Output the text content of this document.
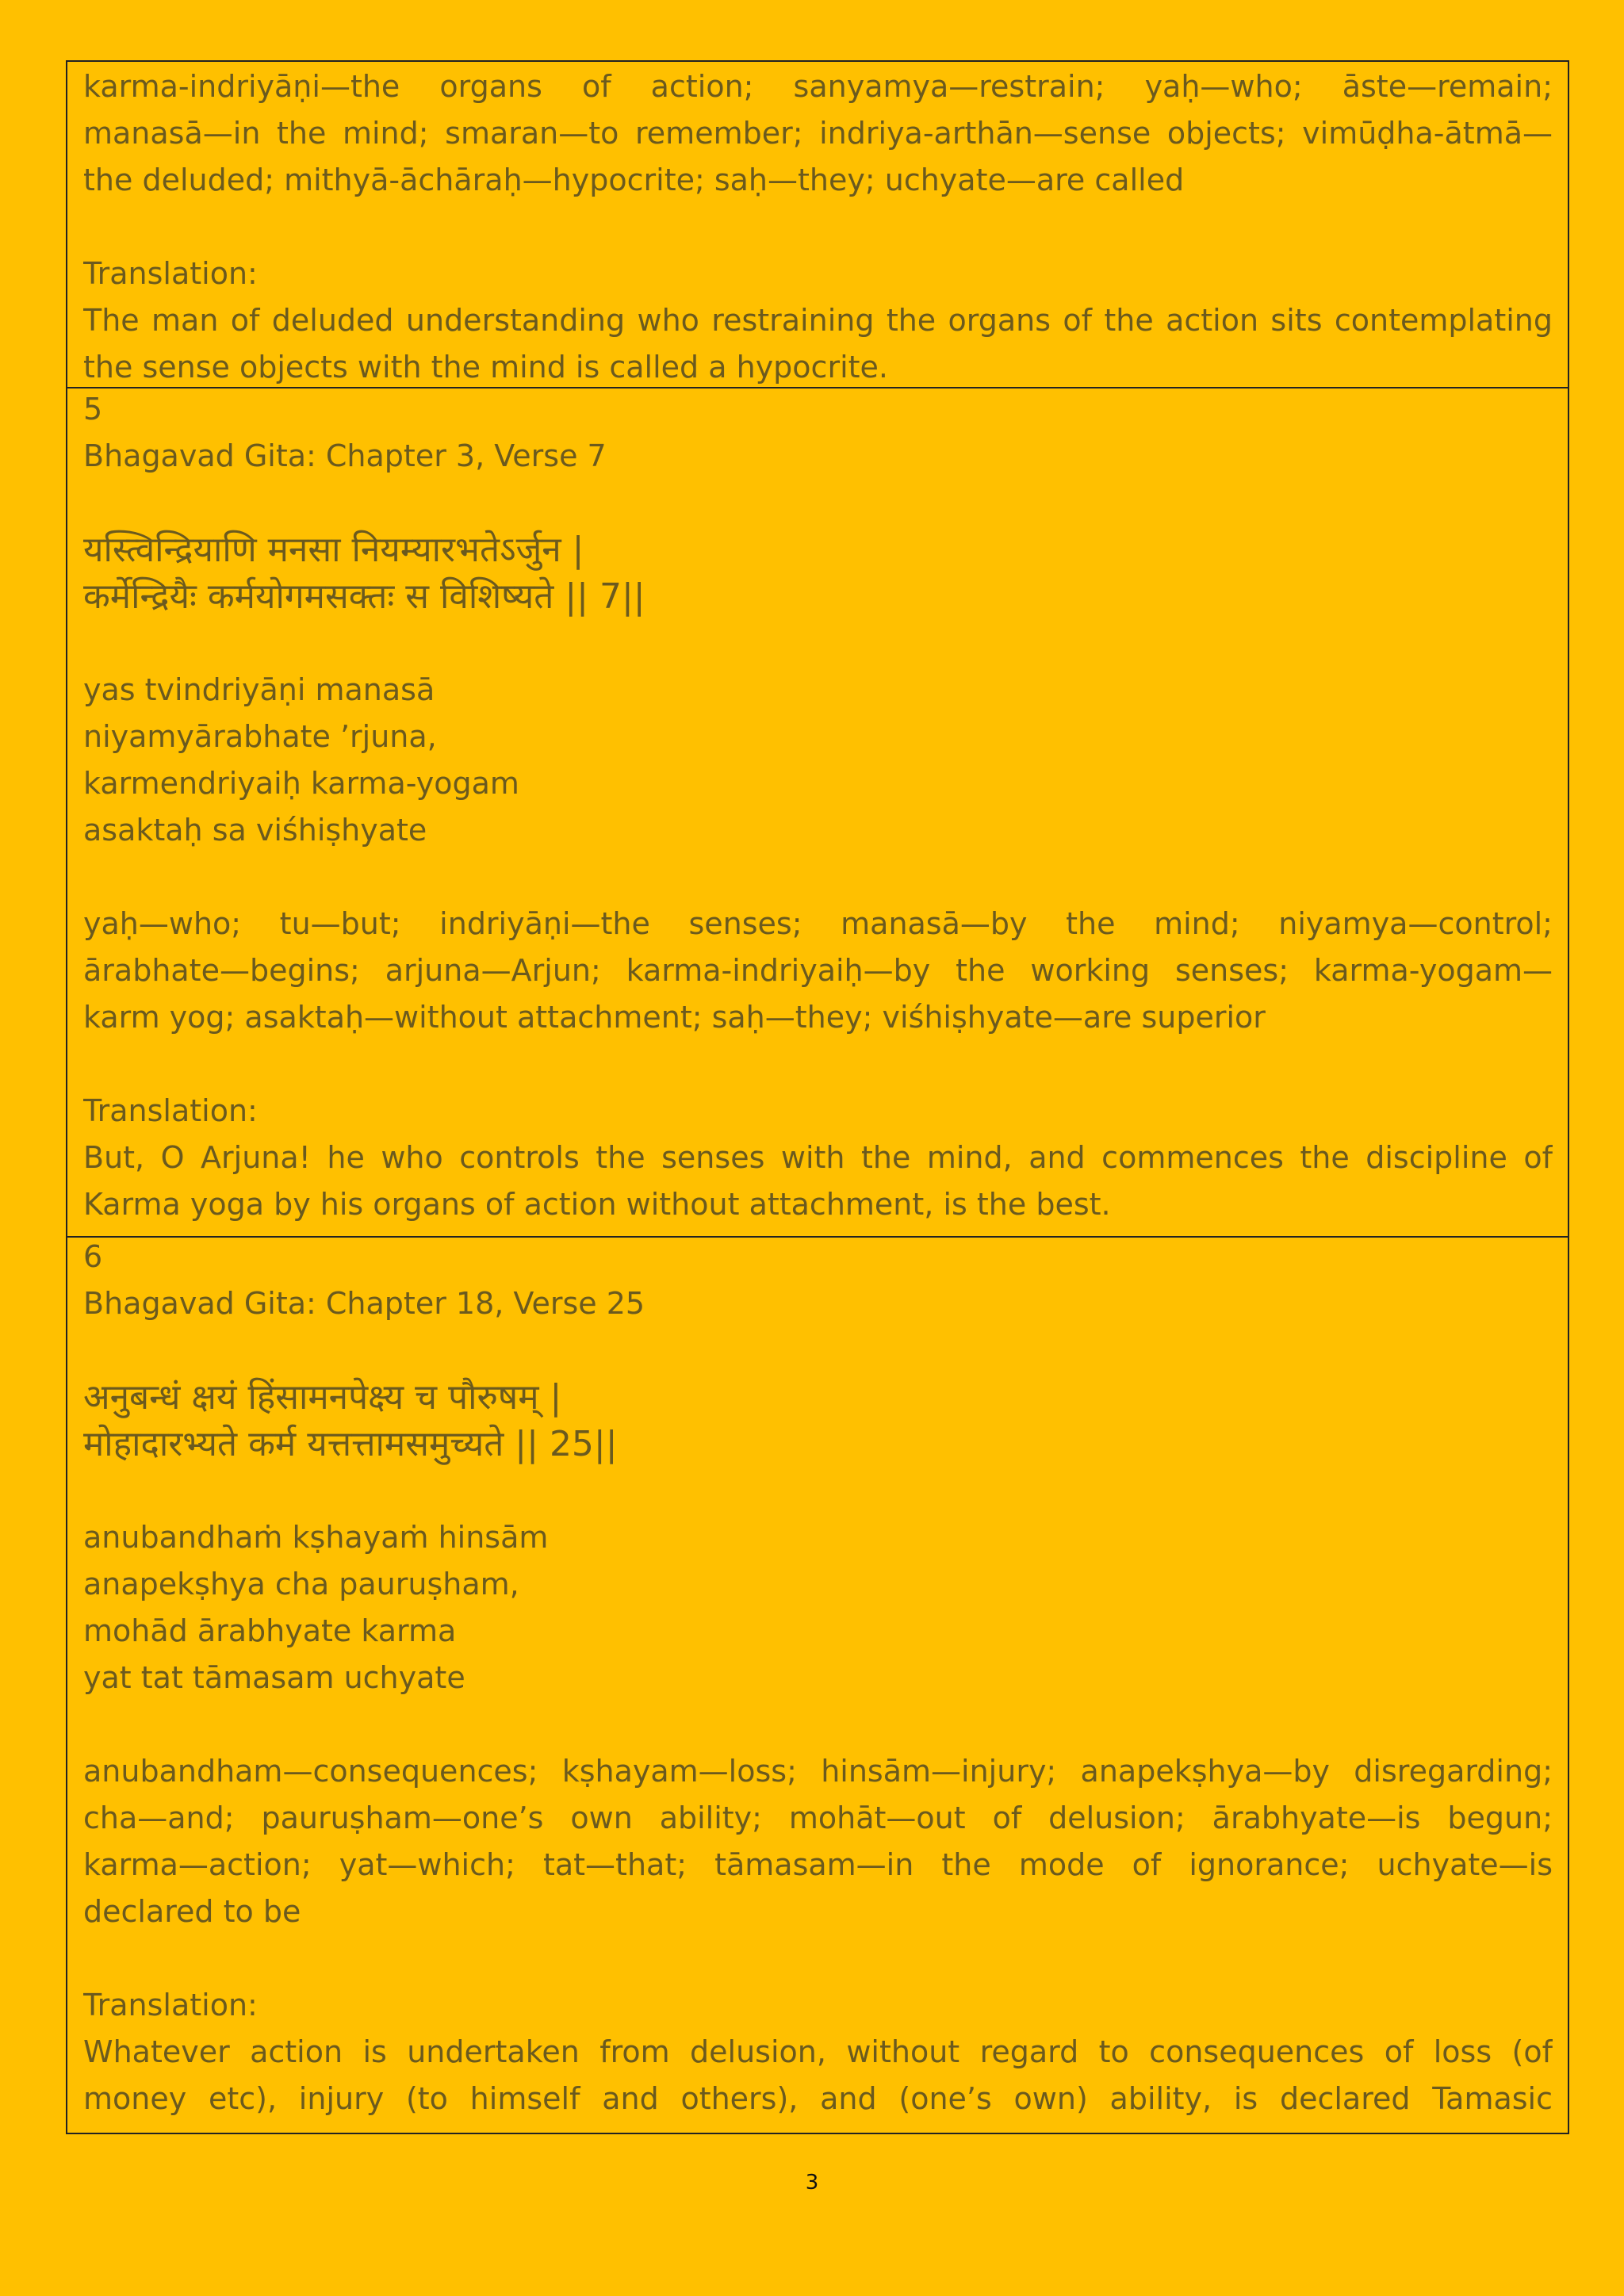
karma-indriyāṇi—the organs of action; sanyamya—restrain; yaḥ—who; āste—remain;
manasā—in the mind; smaran—to remember; indriya-arthān—sense objects; vimūḍha-ātmā—
the deluded; mithyā-āchāraḥ—hypocrite; saḥ—they; uchyate—are called
Translation:
The man of deluded understanding who restraining the organs of the action sits contemplating
the sense objects with the mind is called a hypocrite.
5
Bhagavad Gita: Chapter 3, Verse 7
यस्त्विन्द्रियाणि मनसा नियम्यारभतेऽर्जुन |
कर्मेन्द्रियैः कर्मयोगमसक्तः स विशिष्यते || 7||
yas tvindriyāṇi manasā
niyamyārabhate ’rjuna,
karmendriyaiḥ karma-yogam
asaktaḥ sa viśhiṣhyate
yaḥ—who; tu—but; indriyāṇi—the senses; manasā—by the mind; niyamya—control;
ārabhate—begins; arjuna—Arjun; karma-indriyaiḥ—by the working senses; karma-yogam—
karm yog; asaktaḥ—without attachment; saḥ—they; viśhiṣhyate—are superior
Translation:
But, O Arjuna! he who controls the senses with the mind, and commences the discipline of
Karma yoga by his organs of action without attachment, is the best.
6
Bhagavad Gita: Chapter 18, Verse 25
अनुबन्धं क्षयं हिंसामनपेक्ष्य च पौरुषम् |
मोहादारभ्यते कर्म यत्तत्तामसमुच्यते || 25||
anubandhaṁ kṣhayaṁ hinsām
anapekṣhya cha pauruṣham,
mohād ārabhyate karma
yat tat tāmasam uchyate
anubandham—consequences; kṣhayam—loss; hinsām—injury; anapekṣhya—by disregarding;
cha—and; pauruṣham—one’s own ability; mohāt—out of delusion; ārabhyate—is begun;
karma—action; yat—which; tat—that; tāmasam—in the mode of ignorance; uchyate—is
declared to be
Translation:
Whatever action is undertaken from delusion, without regard to consequences of loss (of
money etc), injury (to himself and others), and (one’s own) ability, is declared Tamasic
3
